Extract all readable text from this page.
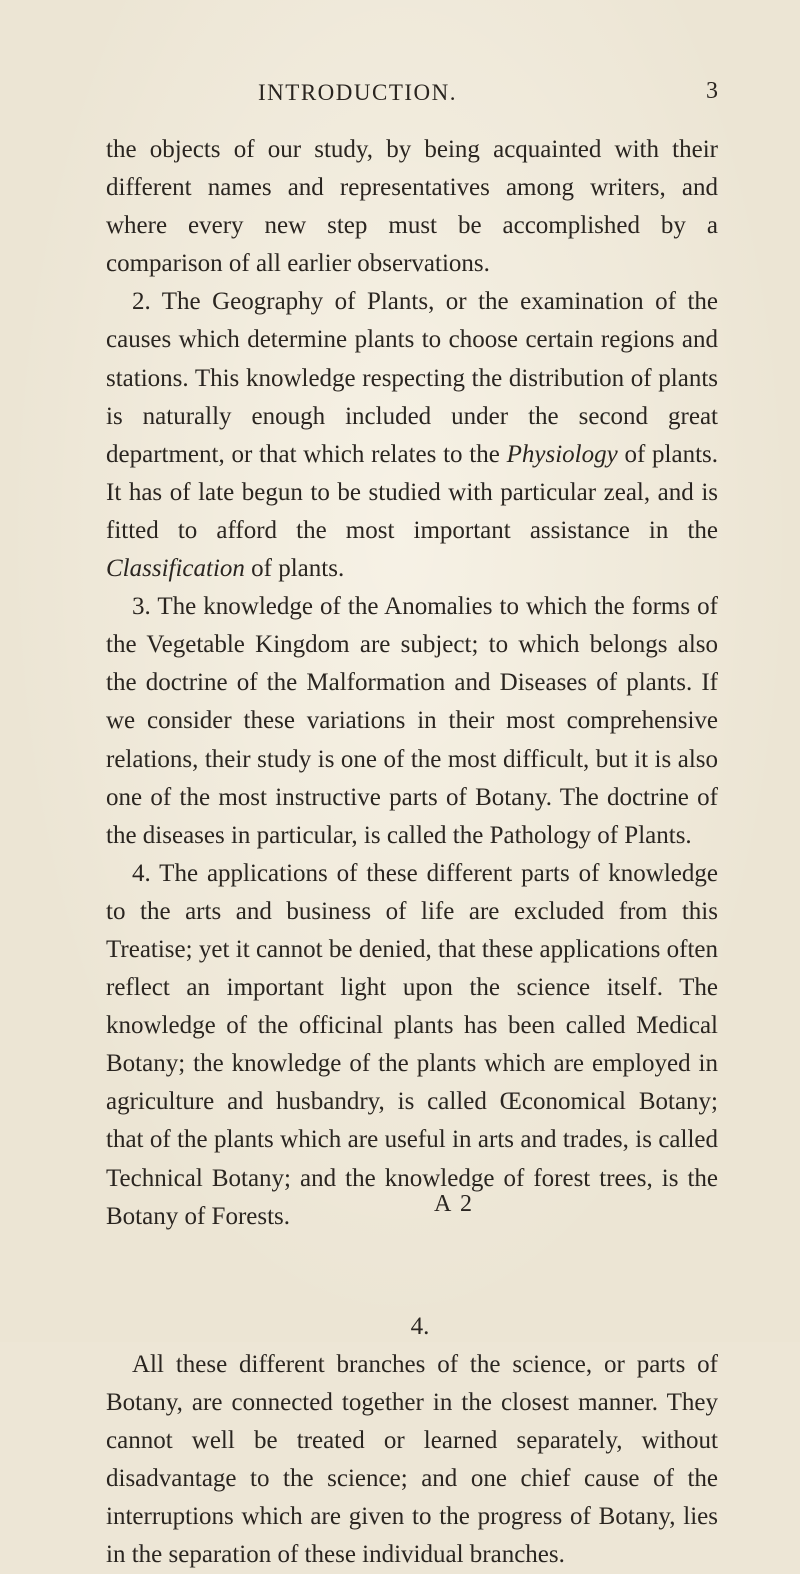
INTRODUCTION.	3

the objects of our study, by being acquainted with their different names and representatives among writers, and where every new step must be accomplished by a comparison of all earlier observations.

2. The Geography of Plants, or the examination of the causes which determine plants to choose certain regions and stations. This knowledge respecting the distribution of plants is naturally enough included under the second great department, or that which relates to the Physiology of plants. It has of late begun to be studied with particular zeal, and is fitted to afford the most important assistance in the Classification of plants.

3. The knowledge of the Anomalies to which the forms of the Vegetable Kingdom are subject; to which belongs also the doctrine of the Malformation and Diseases of plants. If we consider these variations in their most comprehensive relations, their study is one of the most difficult, but it is also one of the most instructive parts of Botany. The doctrine of the diseases in particular, is called the Pathology of Plants.

4. The applications of these different parts of knowledge to the arts and business of life are excluded from this Treatise; yet it cannot be denied, that these applications often reflect an important light upon the science itself. The knowledge of the officinal plants has been called Medical Botany; the knowledge of the plants which are employed in agriculture and husbandry, is called Œconomical Botany; that of the plants which are useful in arts and trades, is called Technical Botany; and the knowledge of forest trees, is the Botany of Forests.

4.

All these different branches of the science, or parts of Botany, are connected together in the closest manner. They cannot well be treated or learned separately, without disadvantage to the science; and one chief cause of the interruptions which are given to the progress of Botany, lies in the separation of these individual branches.

A 2
